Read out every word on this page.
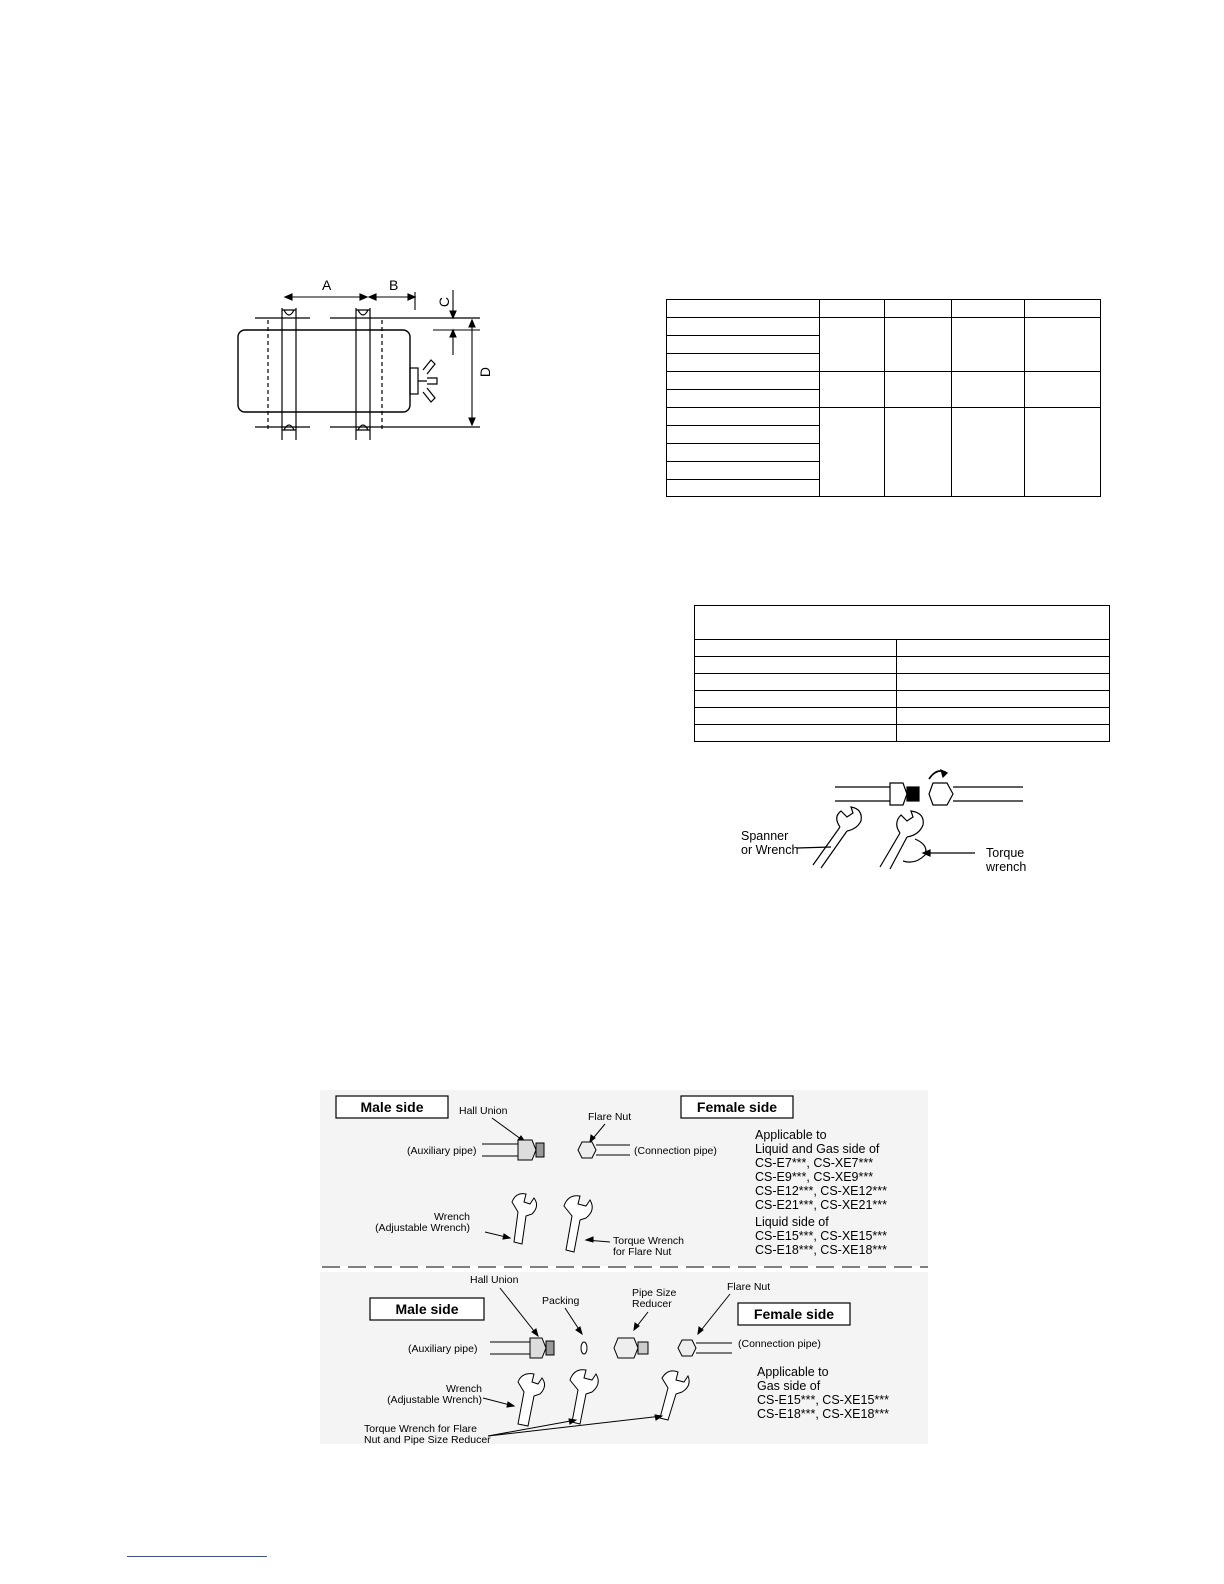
A	B
C
D

Spanner
or Wrench	Torque
wrench
Male side	Female side
Hall Union	Flare Nut
(Auxiliary pipe)	(Connection pipe)
Wrench
(Adjustable Wrench)
Torque Wrench
for Flare Nut
Applicable to
Liquid and Gas side of
CS-E7***, CS-XE7***
CS-E9***, CS-XE9***
CS-E12***, CS-XE12***
CS-E21***, CS-XE21***
Liquid side of
CS-E15***, CS-XE15***
CS-E18***, CS-XE18***
Male side	Female side
Hall Union
Packing
Pipe Size
Reducer
Flare Nut
(Auxiliary pipe)	(Connection pipe)
Wrench
(Adjustable Wrench)
Torque Wrench for Flare
Nut and Pipe Size Reducer
Applicable to
Gas side of
CS-E15***, CS-XE15***
CS-E18***, CS-XE18***
